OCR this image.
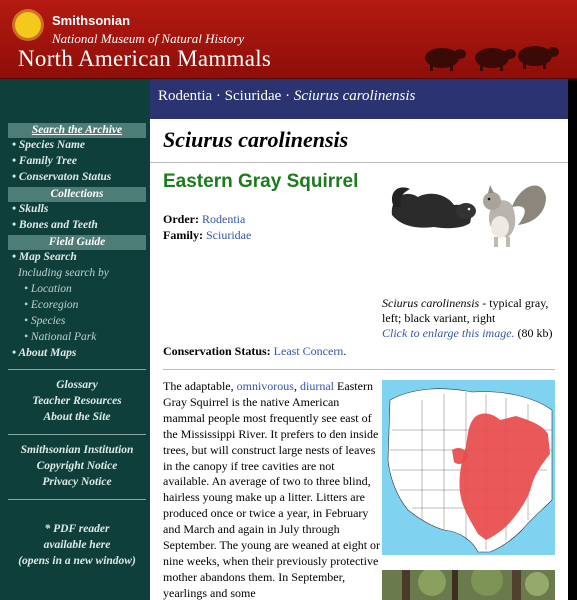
Smithsonian
National Museum of Natural History
North American Mammals
Search the Archive
• Species Name
• Family Tree
• Conservaton Status
Collections
• Skulls
• Bones and Teeth
Field Guide
• Map Search
Including search by
• Location
• Ecoregion
• Species
• National Park
• About Maps
Glossary
Teacher Resources
About the Site
Smithsonian Institution
Copyright Notice
Privacy Notice
* PDF reader
available here
(opens in a new window)
Rodentia · Sciuridae · Sciurus carolinensis
Sciurus carolinensis
Eastern Gray Squirrel
Order: Rodentia
Family: Sciuridae
Sciurus carolinensis - typical gray, left; black variant, right
Click to enlarge this image. (80 kb)
Conservation Status: Least Concern.
The adaptable, omnivorous, diurnal Eastern Gray Squirrel is the native American mammal people most frequently see east of the Mississippi River. It prefers to den inside trees, but will construct large nests of leaves in the canopy if tree cavities are not available. An average of two to three blind, hairless young make up a litter. Litters are produced once or twice a year, in February and March and again in July through September. The young are weaned at eight or nine weeks, when their previously protective mother abandons them. In September, yearlings and some
